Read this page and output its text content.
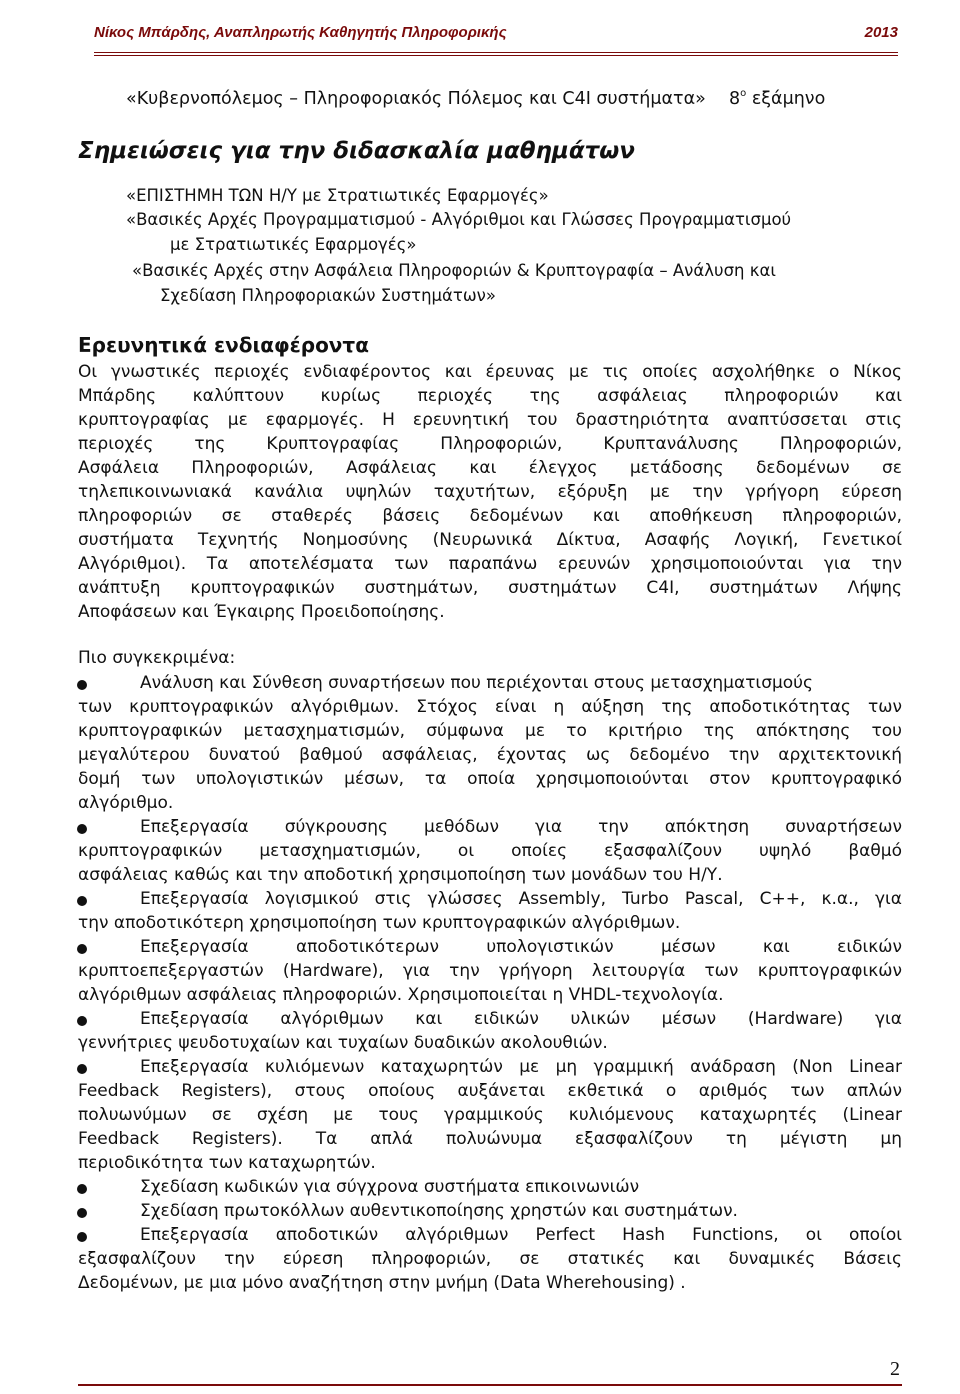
Νίκος Μπάρδης, Αναπληρωτής Καθηγητής Πληροφορικής	2013
«Κυβερνοπόλεμος – Πληροφοριακός Πόλεμος και C4I συστήματα» $8^o$ εξάμηνο
Σημειώσεις για την διδασκαλία μαθημάτων
«ΕΠΙΣΤΗΜΗ ΤΩΝ Η/Υ με Στρατιωτικές Εφαρμογές»
«Βασικές Αρχές Προγραμματισμού - Αλγόριθμοι και Γλώσσες Προγραμματισμού
με Στρατιωτικές Εφαρμογές»
«Βασικές Αρχές στην Ασφάλεια Πληροφοριών & Κρυπτογραφία – Ανάλυση και
Σχεδίαση Πληροφοριακών Συστημάτων»
Ερευνητικά ενδιαφέροντα
Οι γνωστικές περιοχές ενδιαφέροντος και έρευνας με τις οποίες ασχολήθηκε ο Νίκος
Μπάρδης καλύπτουν κυρίως περιοχές της ασφάλειας πληροφοριών και
κρυπτογραφίας με εφαρμογές. Η ερευνητική του δραστηριότητα αναπτύσσεται στις
περιοχές της Κρυπτογραφίας Πληροφοριών, Κρυπτανάλυσης Πληροφοριών,
Ασφάλεια Πληροφοριών, Ασφάλειας και έλεγχος μετάδοσης δεδομένων σε
τηλεπικοινωνιακά κανάλια υψηλών ταχυτήτων, εξόρυξη με την γρήγορη εύρεση
πληροφοριών σε σταθερές βάσεις δεδομένων και αποθήκευση πληροφοριών,
συστήματα Τεχνητής Νοημοσύνης (Νευρωνικά Δίκτυα, Ασαφής Λογική, Γενετικοί
Αλγόριθμοι). Τα αποτελέσματα των παραπάνω ερευνών χρησιμοποιούνται για την
ανάπτυξη κρυπτογραφικών συστημάτων, συστημάτων C4I, συστημάτων Λήψης
Αποφάσεων και Έγκαιρης Προειδοποίησης.
Πιο συγκεκριμένα:
Ανάλυση και Σύνθεση συναρτήσεων που περιέχονται στους μετασχηματισμούς
των κρυπτογραφικών αλγόριθμων. Στόχος είναι η αύξηση της αποδοτικότητας των
κρυπτογραφικών μετασχηματισμών, σύμφωνα με το κριτήριο της απόκτησης του
μεγαλύτερου δυνατού βαθμού ασφάλειας, έχοντας ως δεδομένο την αρχιτεκτονική
δομή των υπολογιστικών μέσων, τα οποία χρησιμοποιούνται στον κρυπτογραφικό
αλγόριθμο.
Επεξεργασία σύγκρουσης μεθόδων για την απόκτηση συναρτήσεων
κρυπτογραφικών μετασχηματισμών, οι οποίες εξασφαλίζουν υψηλό βαθμό
ασφάλειας καθώς και την αποδοτική χρησιμοποίηση των μονάδων του Η/Υ.
Επεξεργασία λογισμικού στις γλώσσες Assembly, Turbo Pascal, C++, κ.α., για
την αποδοτικότερη χρησιμοποίηση των κρυπτογραφικών αλγόριθμων.
Επεξεργασία αποδοτικότερων υπολογιστικών μέσων και ειδικών
κρυπτοεπεξεργαστών (Hardware), για την γρήγορη λειτουργία των κρυπτογραφικών
αλγόριθμων ασφάλειας πληροφοριών. Χρησιμοποιείται η VHDL-τεχνολογία.
Επεξεργασία αλγόριθμων και ειδικών υλικών μέσων (Hardware) για
γεννήτριες ψευδοτυχαίων και τυχαίων δυαδικών ακολουθιών.
Επεξεργασία κυλιόμενων καταχωρητών με μη γραμμική ανάδραση (Non Linear
Feedback Registers), στους οποίους αυξάνεται εκθετικά ο αριθμός των απλών
πολυωνύμων σε σχέση με τους γραμμικούς κυλιόμενους καταχωρητές (Linear
Feedback Registers). Τα απλά πολυώνυμα εξασφαλίζουν τη μέγιστη μη
περιοδικότητα των καταχωρητών.
Σχεδίαση κωδικών για σύγχρονα συστήματα επικοινωνιών
Σχεδίαση πρωτοκόλλων αυθεντικοποίησης χρηστών και συστημάτων.
Επεξεργασία αποδοτικών αλγόριθμων Perfect Hash Functions, οι οποίοι
εξασφαλίζουν την εύρεση πληροφοριών, σε στατικές και δυναμικές Βάσεις
Δεδομένων, με μια μόνο αναζήτηση στην μνήμη (Data Wherehousing) .
2
